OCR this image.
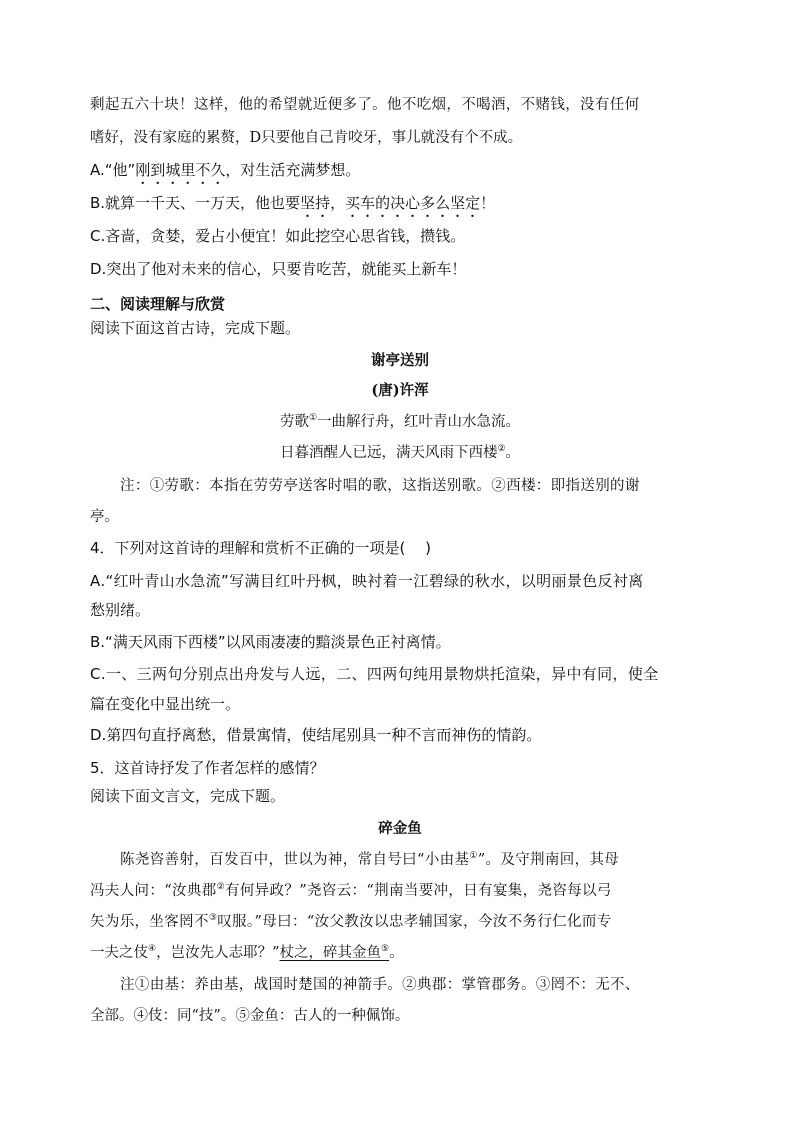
剩起五六十块！这样，他的希望就近便多了。他不吃烟，不喝酒，不赌钱，没有任何
嗜好，没有家庭的累赘，D只要他自己肯咬牙，事儿就没有个不成。
A.“他”刚到城里不久，对生活充满梦想。
B.就算一千天、一万天，他也要坚持，买车的决心多么坚定！
C.吝啬，贪婪，爱占小便宜！如此挖空心思省钱，攒钱。
D.突出了他对未来的信心，只要肯吃苦，就能买上新车！
二、阅读理解与欣赏
阅读下面这首古诗，完成下题。
谢亭送别
(唐)许浑
劳歌①一曲解行舟，红叶青山水急流。
日暮酒醒人已远，满天风雨下西楼②。
注：①劳歌：本指在劳劳亭送客时唱的歌，这指送别歌。②西楼：即指送别的谢
亭。
4．下列对这首诗的理解和赏析不正确的一项是(　 )
A.“红叶青山水急流”写满目红叶丹枫，映衬着一江碧绿的秋水，以明丽景色反衬离
愁别绪。
B.“满天风雨下西楼”以风雨凄凄的黯淡景色正衬离情。
C.一、三两句分别点出舟发与人远，二、四两句纯用景物烘托渲染，异中有同，使全
篇在变化中显出统一。
D.第四句直抒离愁，借景寓情，使结尾别具一种不言而神伤的情韵。
5．这首诗抒发了作者怎样的感情？
阅读下面文言文，完成下题。
碎金鱼
陈尧咨善射，百发百中，世以为神，常自号曰“小由基①”。及守荆南回，其母
冯夫人问：“汝典郡②有何异政？”尧咨云：“荆南当要冲，日有宴集，尧咨每以弓
矢为乐，坐客罔不③叹服。”母曰：“汝父教汝以忠孝辅国家，今汝不务行仁化而专
一夫之伎④，岂汝先人志耶？”杖之，碎其金鱼⑤。
注①由基：养由基，战国时楚国的神箭手。②典郡：掌管郡务。③罔不：无不、
全部。④伎：同“技”。⑤金鱼：古人的一种佩饰。
